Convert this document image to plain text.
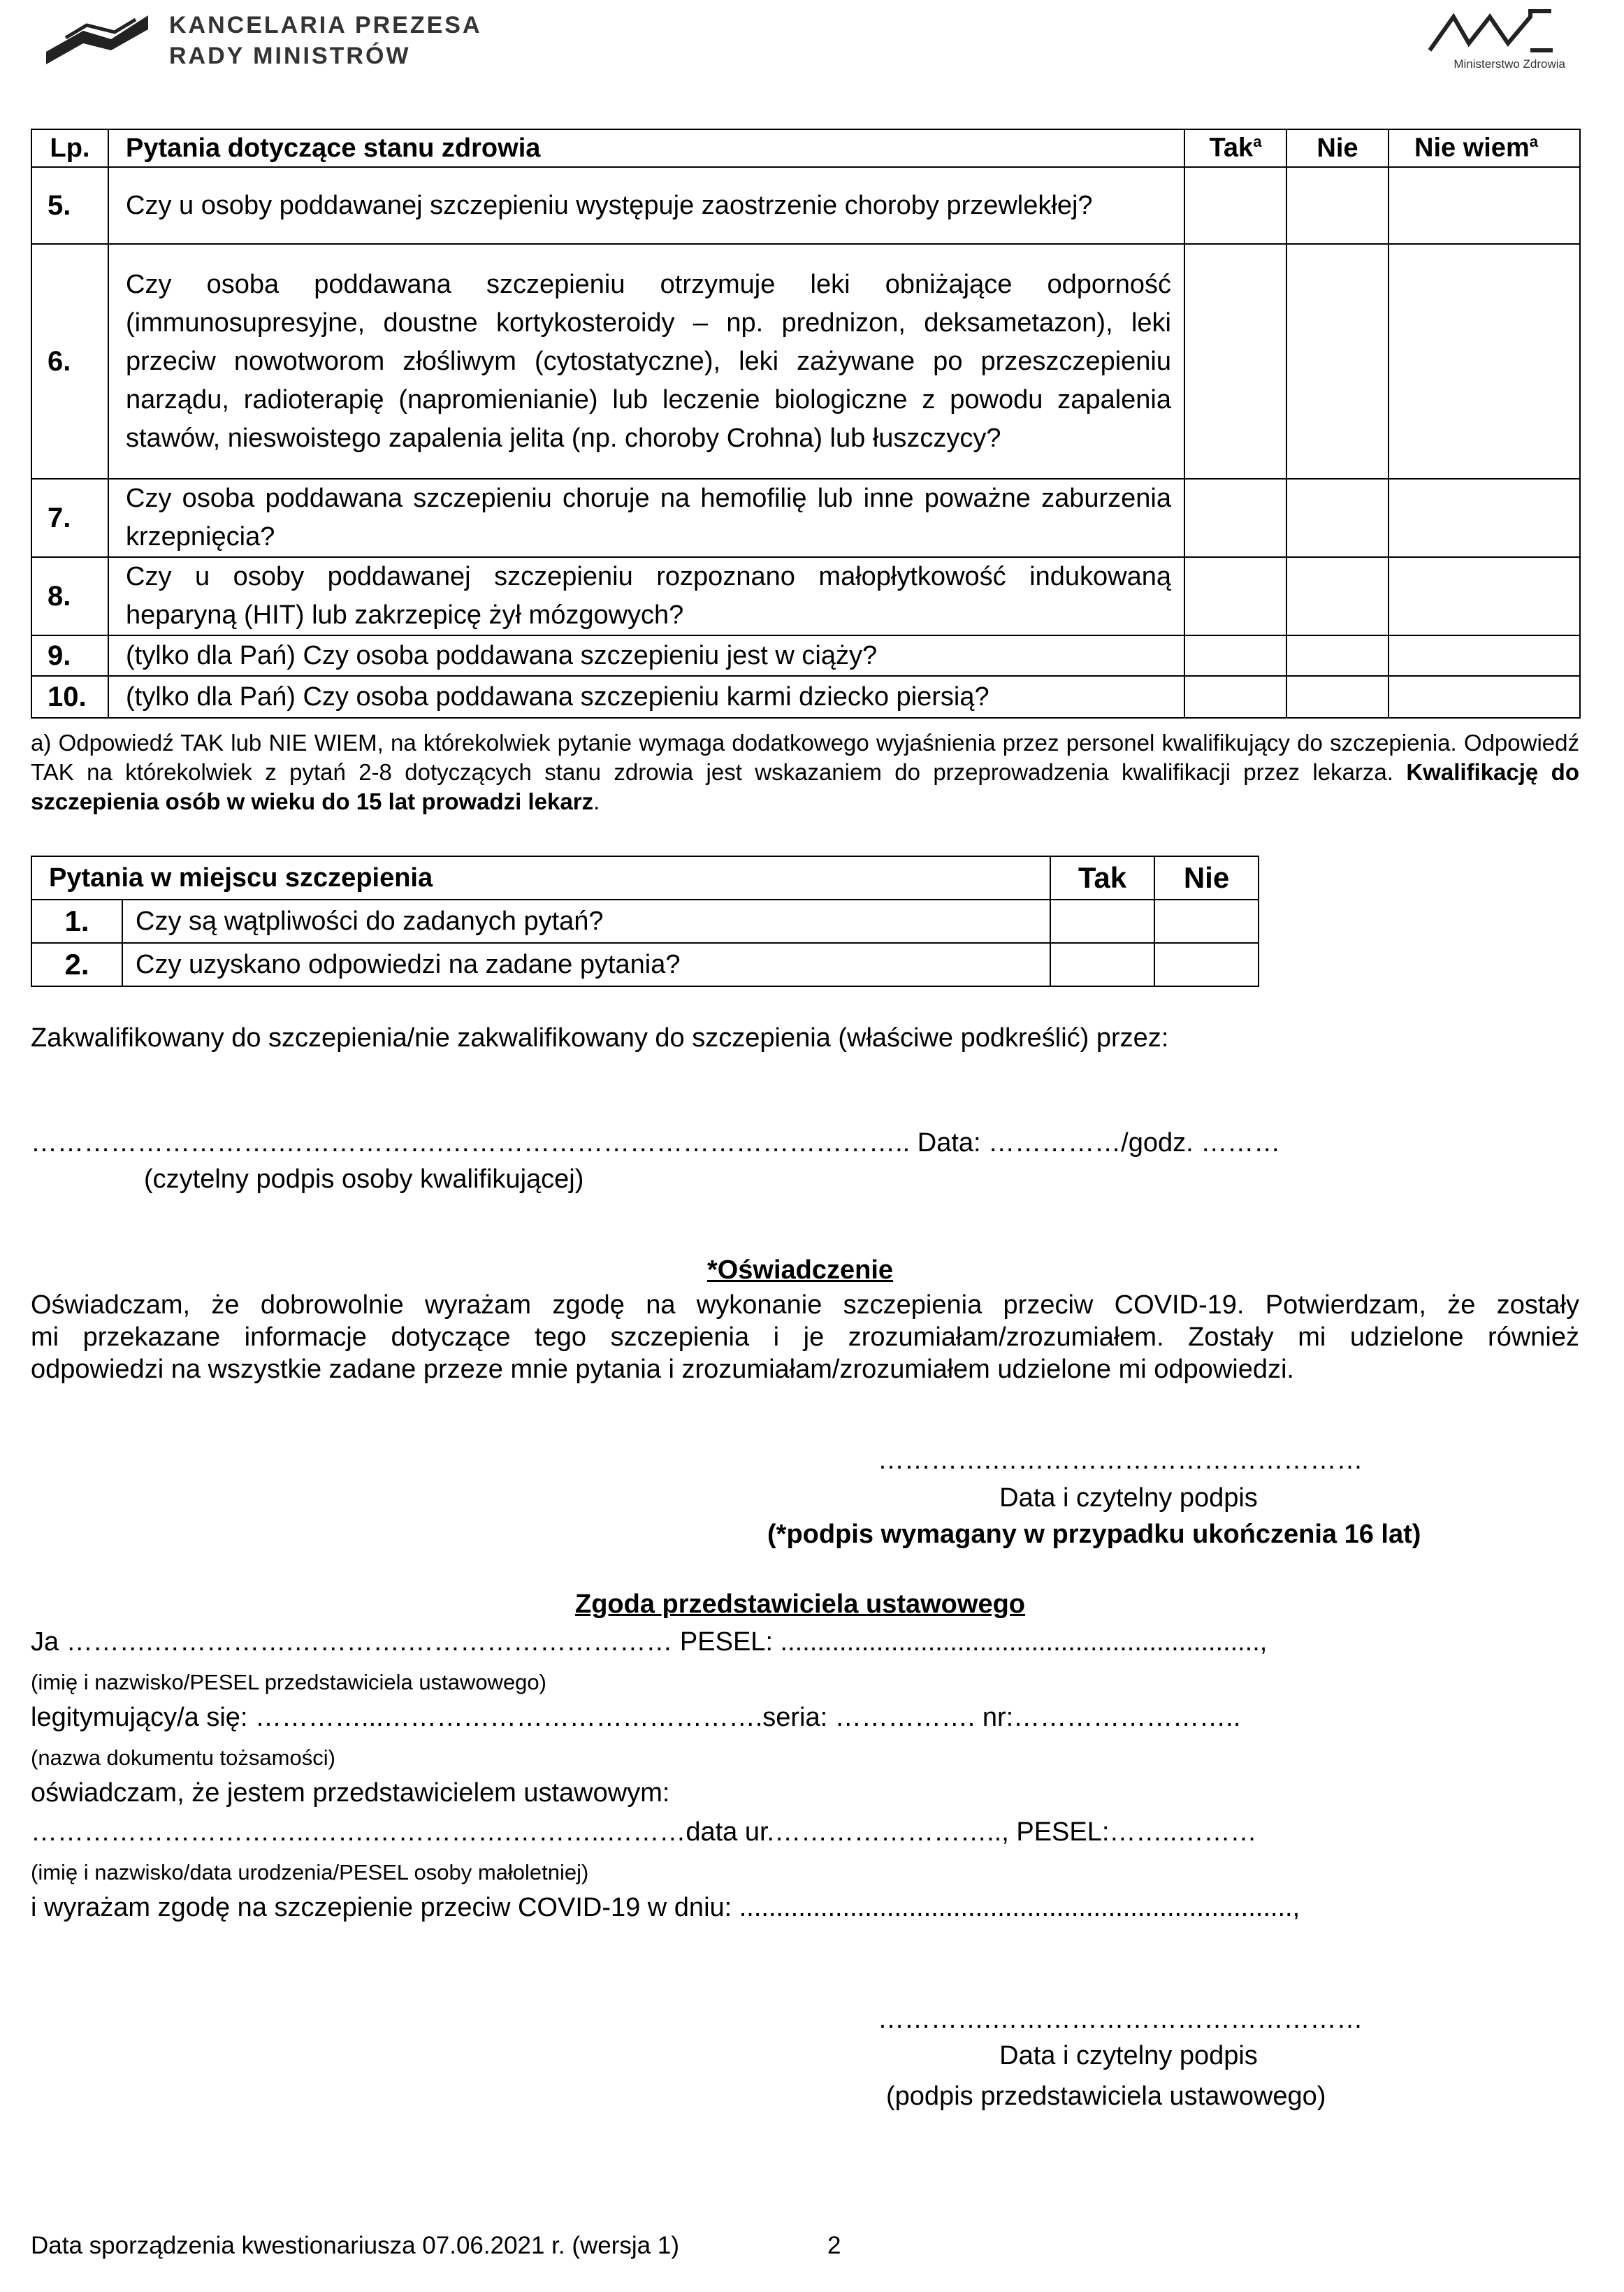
KANCELARIA PREZESA
RADY MINISTRÓW	Ministerstwo Zdrowia
Lp.	Pytania dotyczące stanu zdrowia	Tak$^a$	Nie	Nie wiem$^a$
5.	Czy u osoby poddawanej szczepieniu występuje zaostrzenie choroby przewlekłej?			
6.	Czy osoba poddawana szczepieniu otrzymuje leki obniżające odporność (immunosupresyjne, doustne kortykosteroidy – np. prednizon, deksametazon), leki przeciw nowotworom złośliwym (cytostatyczne), leki zażywane po przeszczepieniu narządu, radioterapię (napromienianie) lub leczenie biologiczne z powodu zapalenia stawów, nieswoistego zapalenia jelita (np. choroby Crohna) lub łuszczycy?			
7.	Czy osoba poddawana szczepieniu choruje na hemofilię lub inne poważne zaburzenia krzepnięcia?			
8.	Czy u osoby poddawanej szczepieniu rozpoznano małopłytkowość indukowaną heparyną (HIT) lub zakrzepicę żył mózgowych?			
9.	(tylko dla Pań) Czy osoba poddawana szczepieniu jest w ciąży?			
10.	(tylko dla Pań) Czy osoba poddawana szczepieniu karmi dziecko piersią?			
a) Odpowiedź TAK lub NIE WIEM, na którekolwiek pytanie wymaga dodatkowego wyjaśnienia przez personel kwalifikujący do szczepienia. Odpowiedź TAK na którekolwiek z pytań 2-8 dotyczących stanu zdrowia jest wskazaniem do przeprowadzenia kwalifikacji przez lekarza. Kwalifikację do szczepienia osób w wieku do 15 lat prowadzi lekarz.
Pytania w miejscu szczepienia		Tak	Nie
1.	Czy są wątpliwości do zadanych pytań?		
2.	Czy uzyskano odpowiedzi na zadane pytania?		
Zakwalifikowany do szczepienia/nie zakwalifikowany do szczepienia (właściwe podkreślić) przez:
……………………….……………….…………………………………………….. Data: ……………/godz. ………
(czytelny podpis osoby kwalifikującej)
*Oświadczenie
Oświadczam, że dobrowolnie wyrażam zgodę na wykonanie szczepienia przeciw COVID-19. Potwierdzam, że zostały
mi przekazane informacje dotyczące tego szczepienia i je zrozumiałam/zrozumiałem. Zostały mi udzielone również
odpowiedzi na wszystkie zadane przeze mnie pytania i zrozumiałam/zrozumiałem udzielone mi odpowiedzi.
………….……………………………………
Data i czytelny podpis
(*podpis wymagany w przypadku ukończenia 16 lat)
Zgoda przedstawiciela ustawowego
Ja ……….…………….………….………………………… PESEL: .................................................................,
(imię i nazwisko/PESEL przedstawiciela ustawowego)
legitymujący/a się: …………...…………………………………….seria: ……………. nr:……………………..
(nazwa dokumentu tożsamości)
oświadczam, że jestem przedstawicielem ustawowym:
…………………………..…….…………….………..………data ur.…………………….., PESEL:……..………
(imię i nazwisko/data urodzenia/PESEL osoby małoletniej)
i wyrażam zgodę na szczepienie przeciw COVID-19 w dniu: ...........................................................................,
………….……………………………………
Data i czytelny podpis
(podpis przedstawiciela ustawowego)
Data sporządzenia kwestionariusza 07.06.2021 r. (wersja 1)	2
